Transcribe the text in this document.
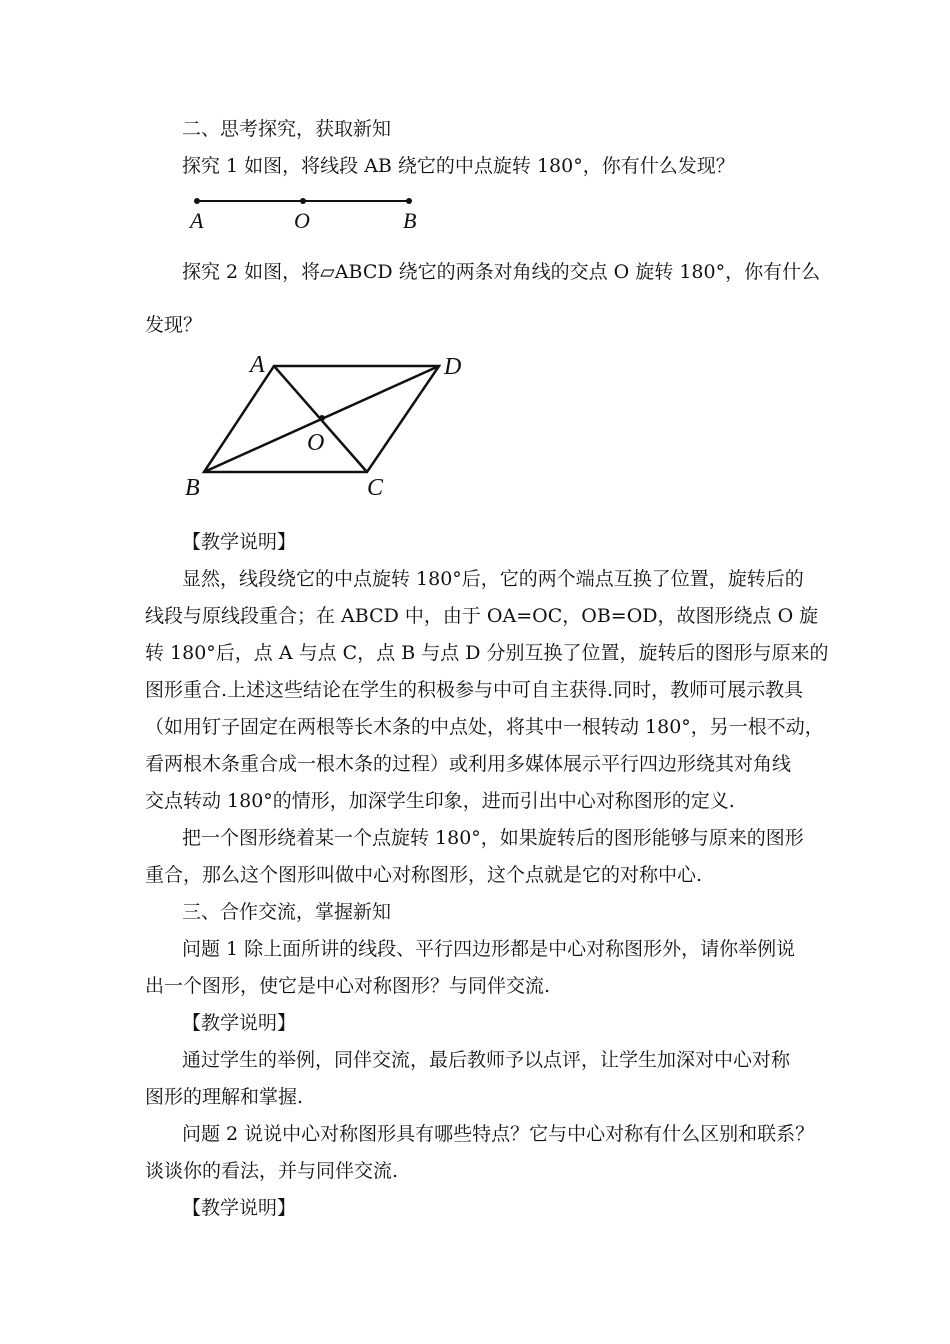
二、思考探究，获取新知

探究 1 如图，将线段 AB 绕它的中点旋转 180°，你有什么发现？

A	O	B

探究 2 如图，将▱ABCD 绕它的两条对角线的交点 O 旋转 180°，你有什么

发现？

A	D
O
B	C

【教学说明】

显然，线段绕它的中点旋转 180°后，它的两个端点互换了位置，旋转后的

线段与原线段重合；在 ABCD 中，由于 OA=OC，OB=OD，故图形绕点 O 旋

转 180°后，点 A 与点 C，点 B 与点 D 分别互换了位置，旋转后的图形与原来的

图形重合.上述这些结论在学生的积极参与中可自主获得.同时，教师可展示教具

（如用钉子固定在两根等长木条的中点处，将其中一根转动 180°，另一根不动，

看两根木条重合成一根木条的过程）或利用多媒体展示平行四边形绕其对角线

交点转动 180°的情形，加深学生印象，进而引出中心对称图形的定义.

把一个图形绕着某一个点旋转 180°，如果旋转后的图形能够与原来的图形

重合，那么这个图形叫做中心对称图形，这个点就是它的对称中心.

三、合作交流，掌握新知

问题 1 除上面所讲的线段、平行四边形都是中心对称图形外，请你举例说

出一个图形，使它是中心对称图形？与同伴交流.

【教学说明】

通过学生的举例，同伴交流，最后教师予以点评，让学生加深对中心对称

图形的理解和掌握.

问题 2 说说中心对称图形具有哪些特点？它与中心对称有什么区别和联系？

谈谈你的看法，并与同伴交流.

【教学说明】
